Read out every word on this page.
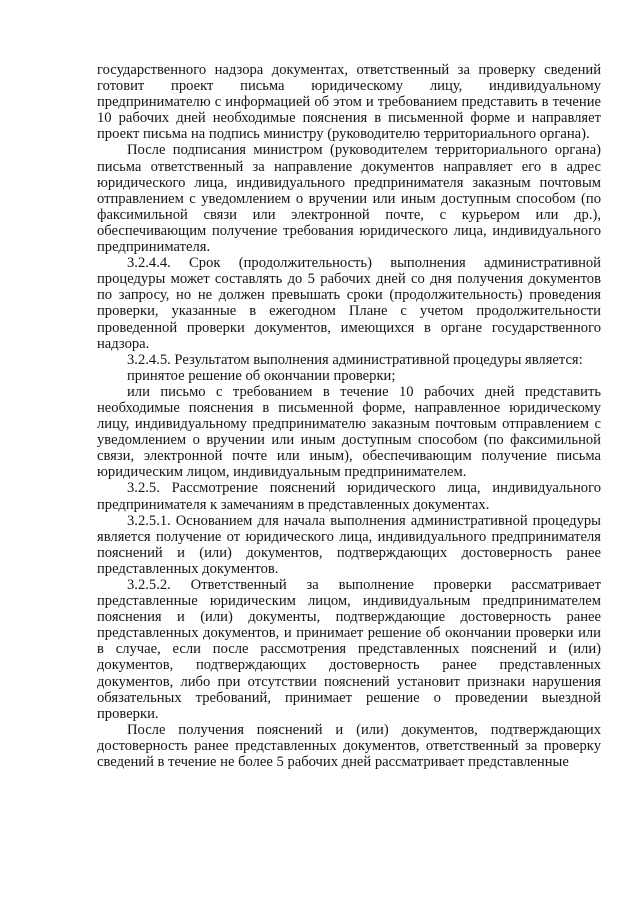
государственного надзора документах, ответственный за проверку сведений готовит проект письма юридическому лицу, индивидуальному предпринимателю с информацией об этом и требованием представить в течение 10 рабочих дней необходимые пояснения в письменной форме и направляет проект письма на подпись министру (руководителю территориального органа).

После подписания министром (руководителем территориального органа) письма ответственный за направление документов направляет его в адрес юридического лица, индивидуального предпринимателя заказным почтовым отправлением с уведомлением о вручении или иным доступным способом (по факсимильной связи или электронной почте, с курьером или др.), обеспечивающим получение требования юридического лица, индивидуального предпринимателя.

3.2.4.4. Срок (продолжительность) выполнения административной процедуры может составлять до 5 рабочих дней со дня получения документов по запросу, но не должен превышать сроки (продолжительность) проведения проверки, указанные в ежегодном Плане с учетом продолжительности проведенной проверки документов, имеющихся в органе государственного надзора.

3.2.4.5. Результатом выполнения административной процедуры является:

принятое решение об окончании проверки;

или письмо с требованием в течение 10 рабочих дней представить необходимые пояснения в письменной форме, направленное юридическому лицу, индивидуальному предпринимателю заказным почтовым отправлением с уведомлением о вручении или иным доступным способом (по факсимильной связи, электронной почте или иным), обеспечивающим получение письма юридическим лицом, индивидуальным предпринимателем.

3.2.5. Рассмотрение пояснений юридического лица, индивидуального предпринимателя к замечаниям в представленных документах.

3.2.5.1. Основанием для начала выполнения административной процедуры является получение от юридического лица, индивидуального предпринимателя пояснений и (или) документов, подтверждающих достоверность ранее представленных документов.

3.2.5.2. Ответственный за выполнение проверки рассматривает представленные юридическим лицом, индивидуальным предпринимателем пояснения и (или) документы, подтверждающие достоверность ранее представленных документов, и принимает решение об окончании проверки или в случае, если после рассмотрения представленных пояснений и (или) документов, подтверждающих достоверность ранее представленных документов, либо при отсутствии пояснений установит признаки нарушения обязательных требований, принимает решение о проведении выездной проверки.

После получения пояснений и (или) документов, подтверждающих достоверность ранее представленных документов, ответственный за проверку сведений в течение не более 5 рабочих дней рассматривает представленные
